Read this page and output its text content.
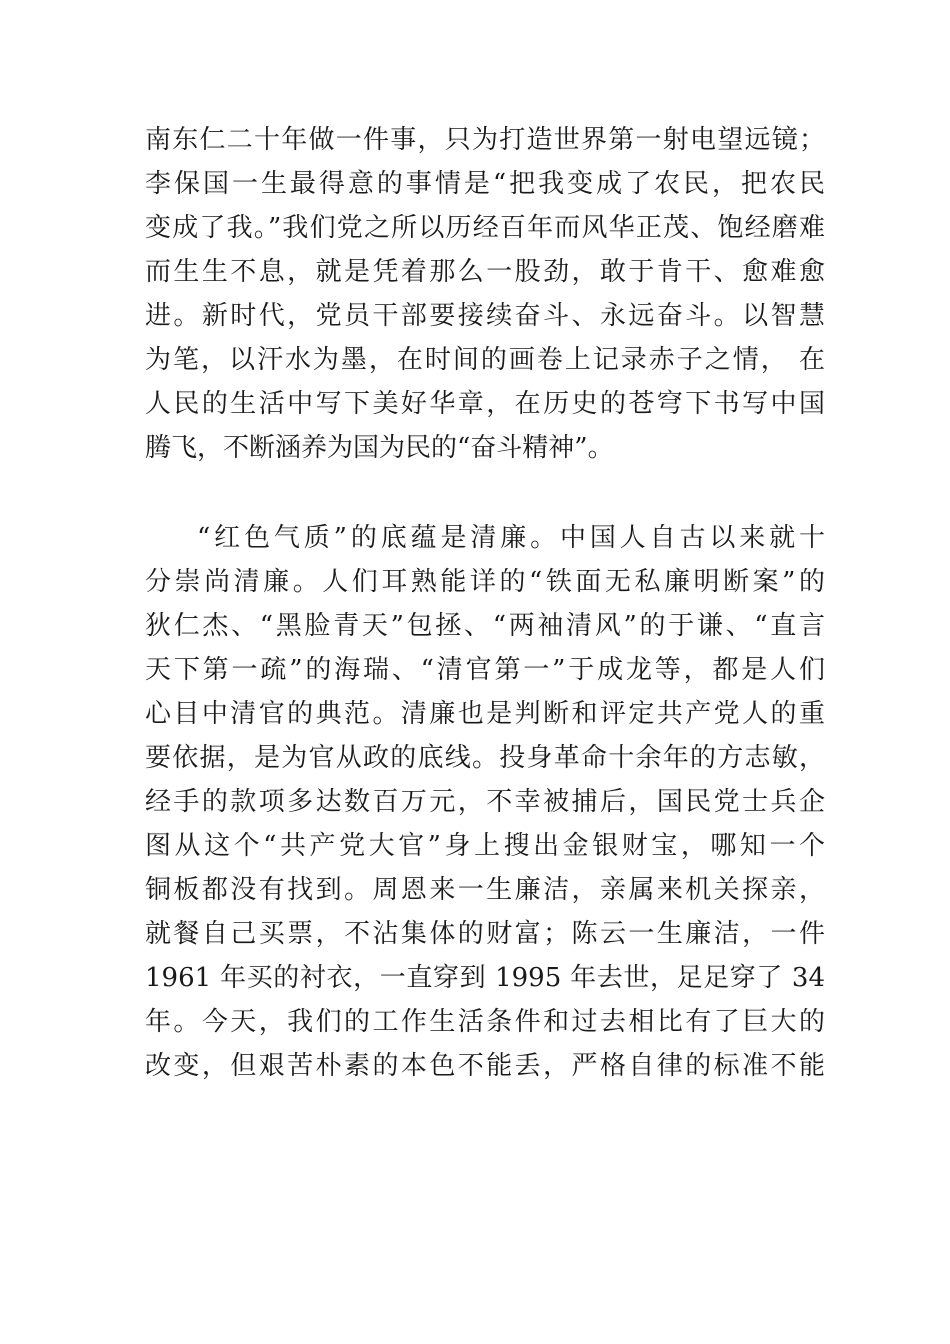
南东仁二十年做一件事，只为打造世界第一射电望远镜；
李保国一生最得意的事情是“把我变成了农民，把农民
变成了我。”我们党之所以历经百年而风华正茂、饱经磨难
而生生不息，就是凭着那么一股劲，敢于肯干、愈难愈
进。新时代，党员干部要接续奋斗、永远奋斗。以智慧
为笔，以汗水为墨，在时间的画卷上记录赤子之情， 在
人民的生活中写下美好华章，在历史的苍穹下书写中国
腾飞，不断涵养为国为民的“奋斗精神”。
“红色气质”的底蕴是清廉。中国人自古以来就十
分崇尚清廉。人们耳熟能详的“铁面无私廉明断案”的
狄仁杰、“黑脸青天”包拯、“两袖清风”的于谦、“直言
天下第一疏”的海瑞、“清官第一”于成龙等，都是人们
心目中清官的典范。清廉也是判断和评定共产党人的重
要依据，是为官从政的底线。投身革命十余年的方志敏，
经手的款项多达数百万元，不幸被捕后，国民党士兵企
图从这个“共产党大官”身上搜出金银财宝，哪知一个
铜板都没有找到。周恩来一生廉洁，亲属来机关探亲，
就餐自己买票，不沾集体的财富；陈云一生廉洁，一件
1961 年买的衬衣，一直穿到 1995 年去世，足足穿了 34
年。今天，我们的工作生活条件和过去相比有了巨大的
改变，但艰苦朴素的本色不能丢，严格自律的标准不能
